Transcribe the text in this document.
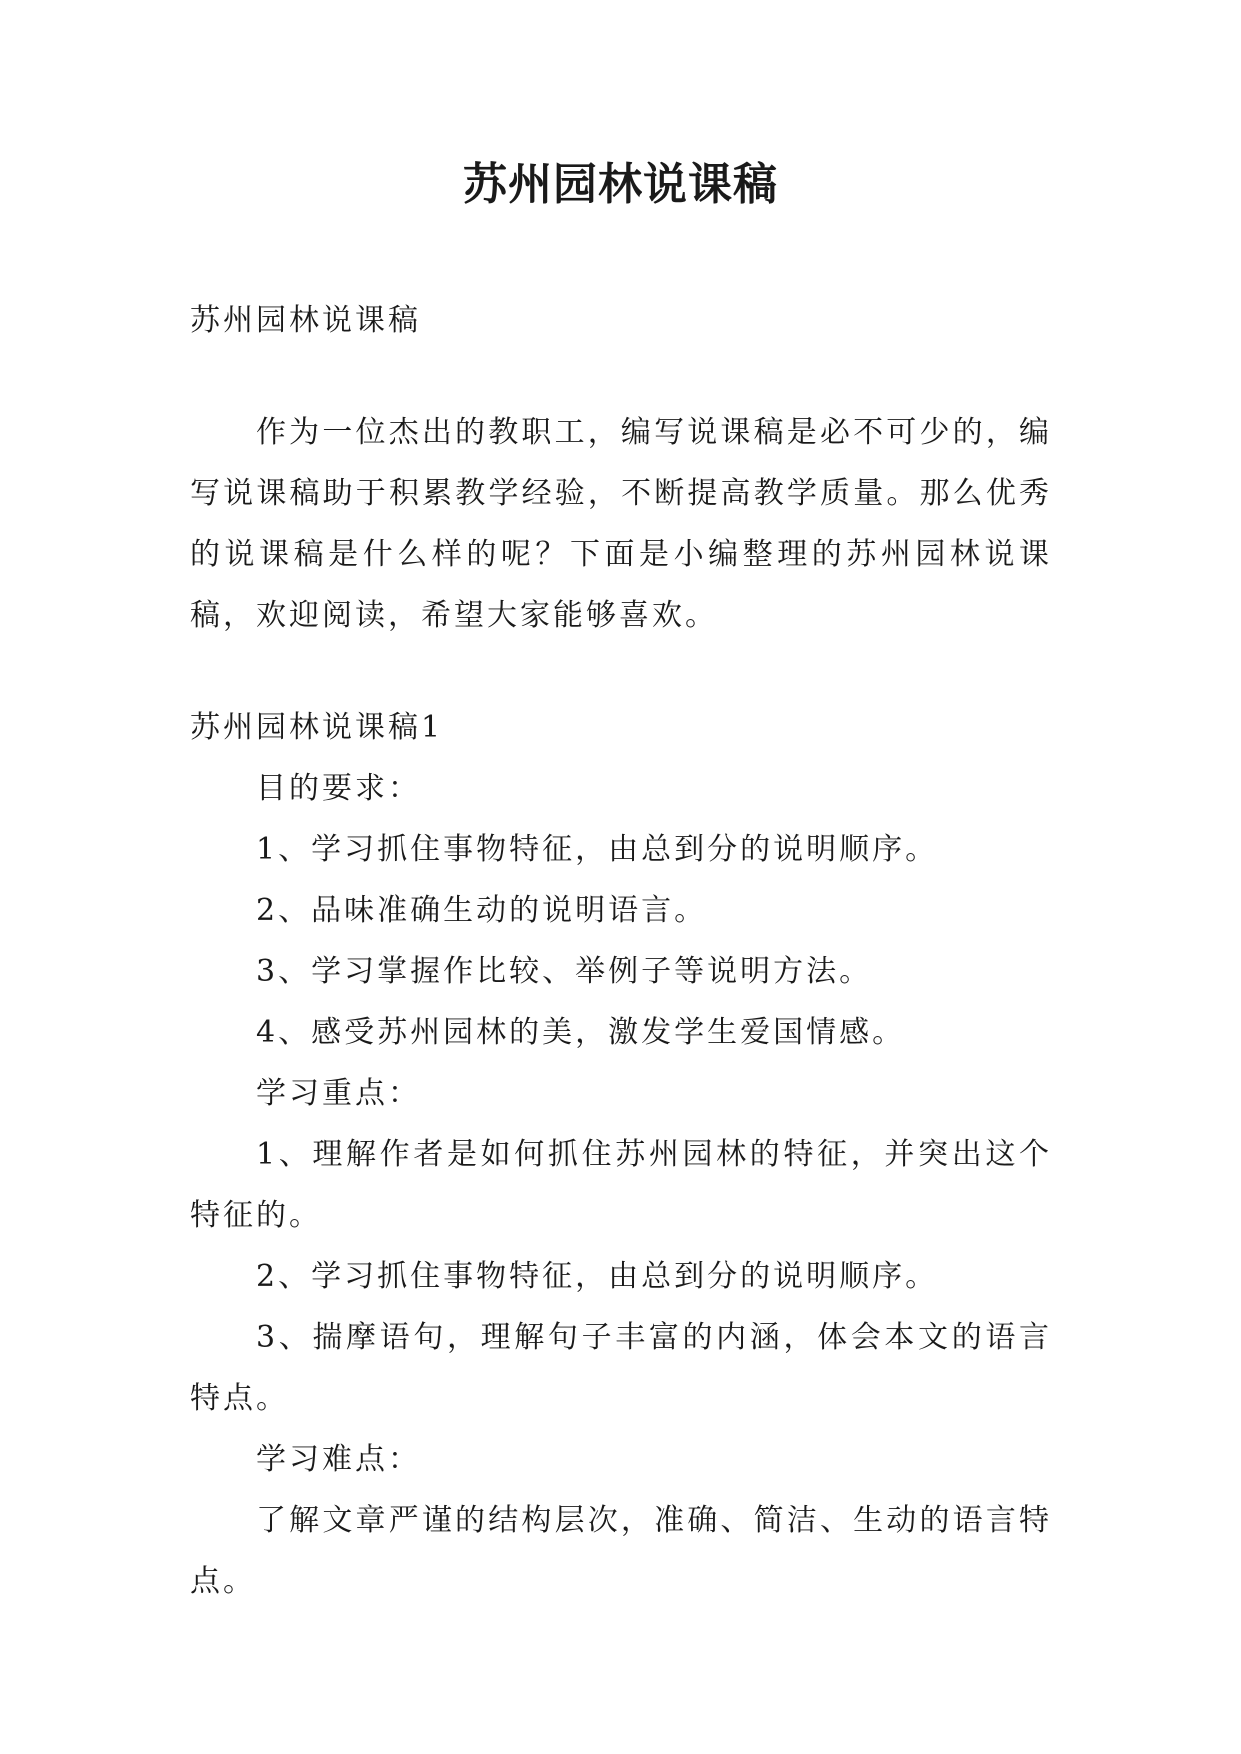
苏州园林说课稿

苏州园林说课稿

作为一位杰出的教职工，编写说课稿是必不可少的，编写说课稿助于积累教学经验，不断提高教学质量。那么优秀的说课稿是什么样的呢？下面是小编整理的苏州园林说课稿，欢迎阅读，希望大家能够喜欢。

苏州园林说课稿1

目的要求：

1、学习抓住事物特征，由总到分的说明顺序。

2、品味准确生动的说明语言。

3、学习掌握作比较、举例子等说明方法。

4、感受苏州园林的美，激发学生爱国情感。

学习重点：

1、理解作者是如何抓住苏州园林的特征，并突出这个特征的。

2、学习抓住事物特征，由总到分的说明顺序。

3、揣摩语句，理解句子丰富的内涵，体会本文的语言特点。

学习难点：

了解文章严谨的结构层次，准确、简洁、生动的语言特点。
